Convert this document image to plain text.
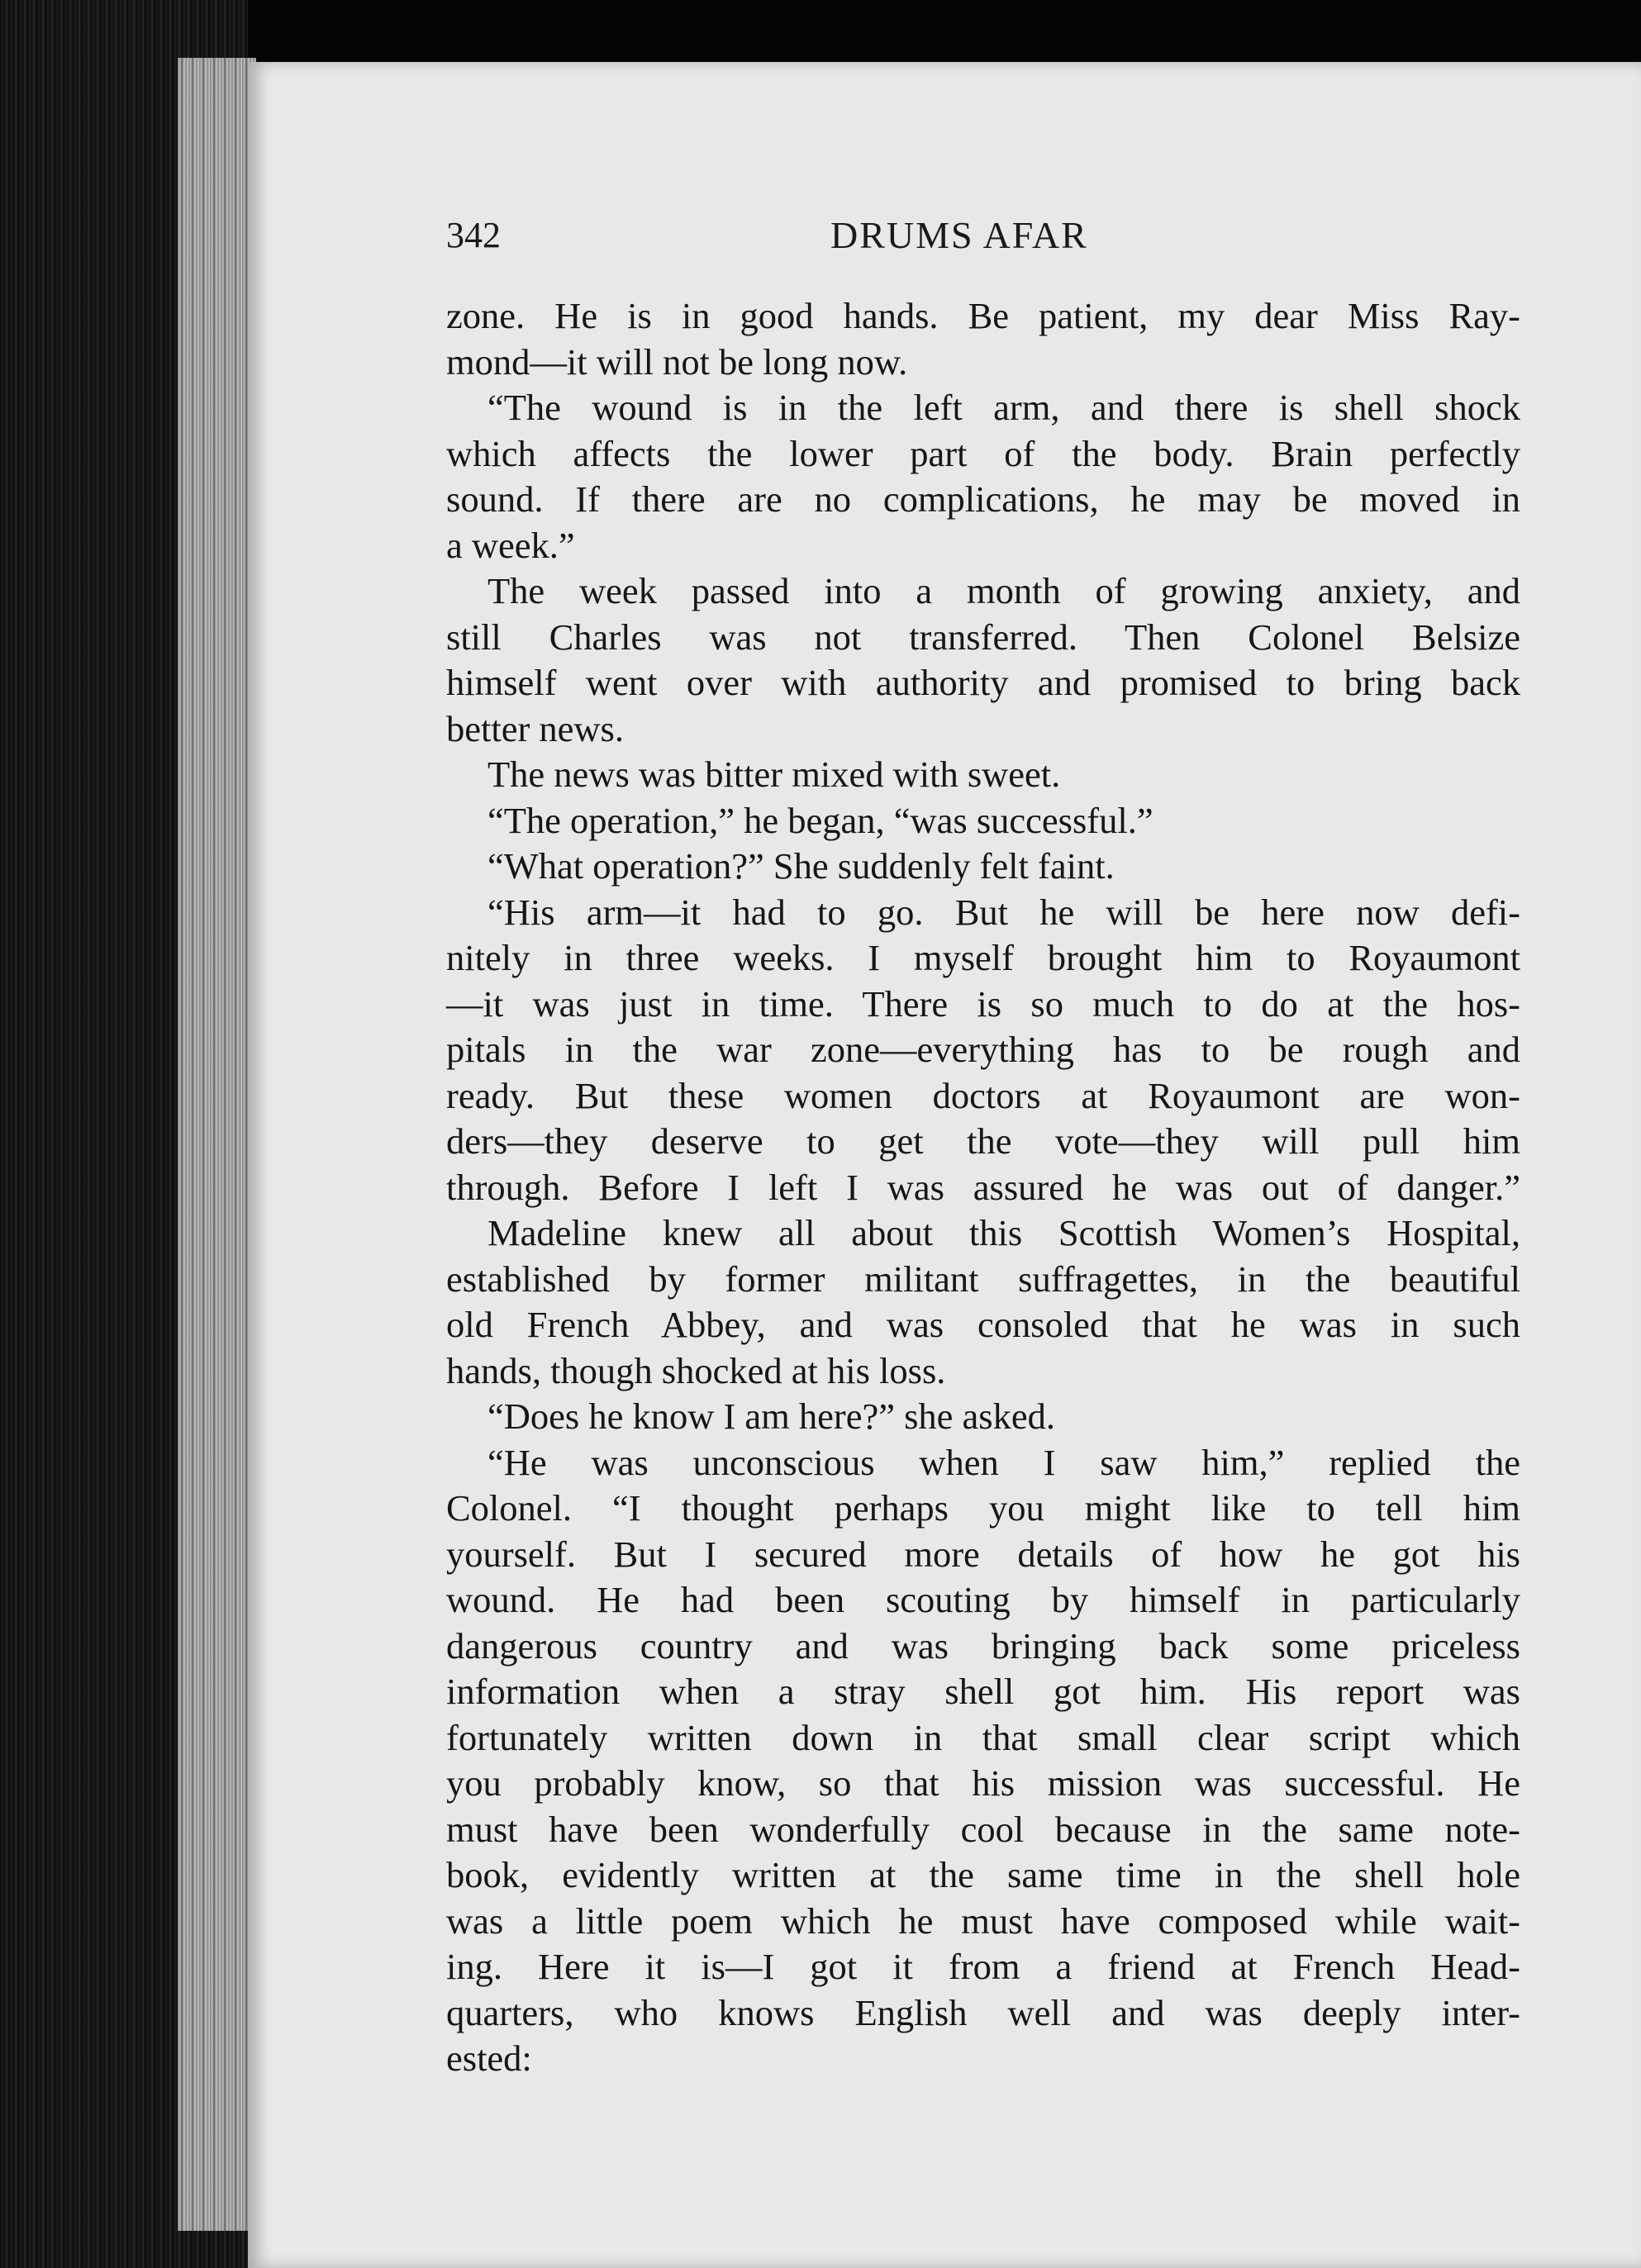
342	DRUMS AFAR
zone. He is in good hands. Be patient, my dear Miss Ray-
mond—it will not be long now.
“The wound is in the left arm, and there is shell shock
which affects the lower part of the body. Brain perfectly
sound. If there are no complications, he may be moved in
a week.”
The week passed into a month of growing anxiety, and
still Charles was not transferred. Then Colonel Belsize
himself went over with authority and promised to bring back
better news.
The news was bitter mixed with sweet.
“The operation,” he began, “was successful.”
“What operation?” She suddenly felt faint.
“His arm—it had to go. But he will be here now defi-
nitely in three weeks. I myself brought him to Royaumont
—it was just in time. There is so much to do at the hos-
pitals in the war zone—everything has to be rough and
ready. But these women doctors at Royaumont are won-
ders—they deserve to get the vote—they will pull him
through. Before I left I was assured he was out of danger.”
Madeline knew all about this Scottish Women’s Hospital,
established by former militant suffragettes, in the beautiful
old French Abbey, and was consoled that he was in such
hands, though shocked at his loss.
“Does he know I am here?” she asked.
“He was unconscious when I saw him,” replied the
Colonel. “I thought perhaps you might like to tell him
yourself. But I secured more details of how he got his
wound. He had been scouting by himself in particularly
dangerous country and was bringing back some priceless
information when a stray shell got him. His report was
fortunately written down in that small clear script which
you probably know, so that his mission was successful. He
must have been wonderfully cool because in the same note-
book, evidently written at the same time in the shell hole
was a little poem which he must have composed while wait-
ing. Here it is—I got it from a friend at French Head-
quarters, who knows English well and was deeply inter-
ested:
